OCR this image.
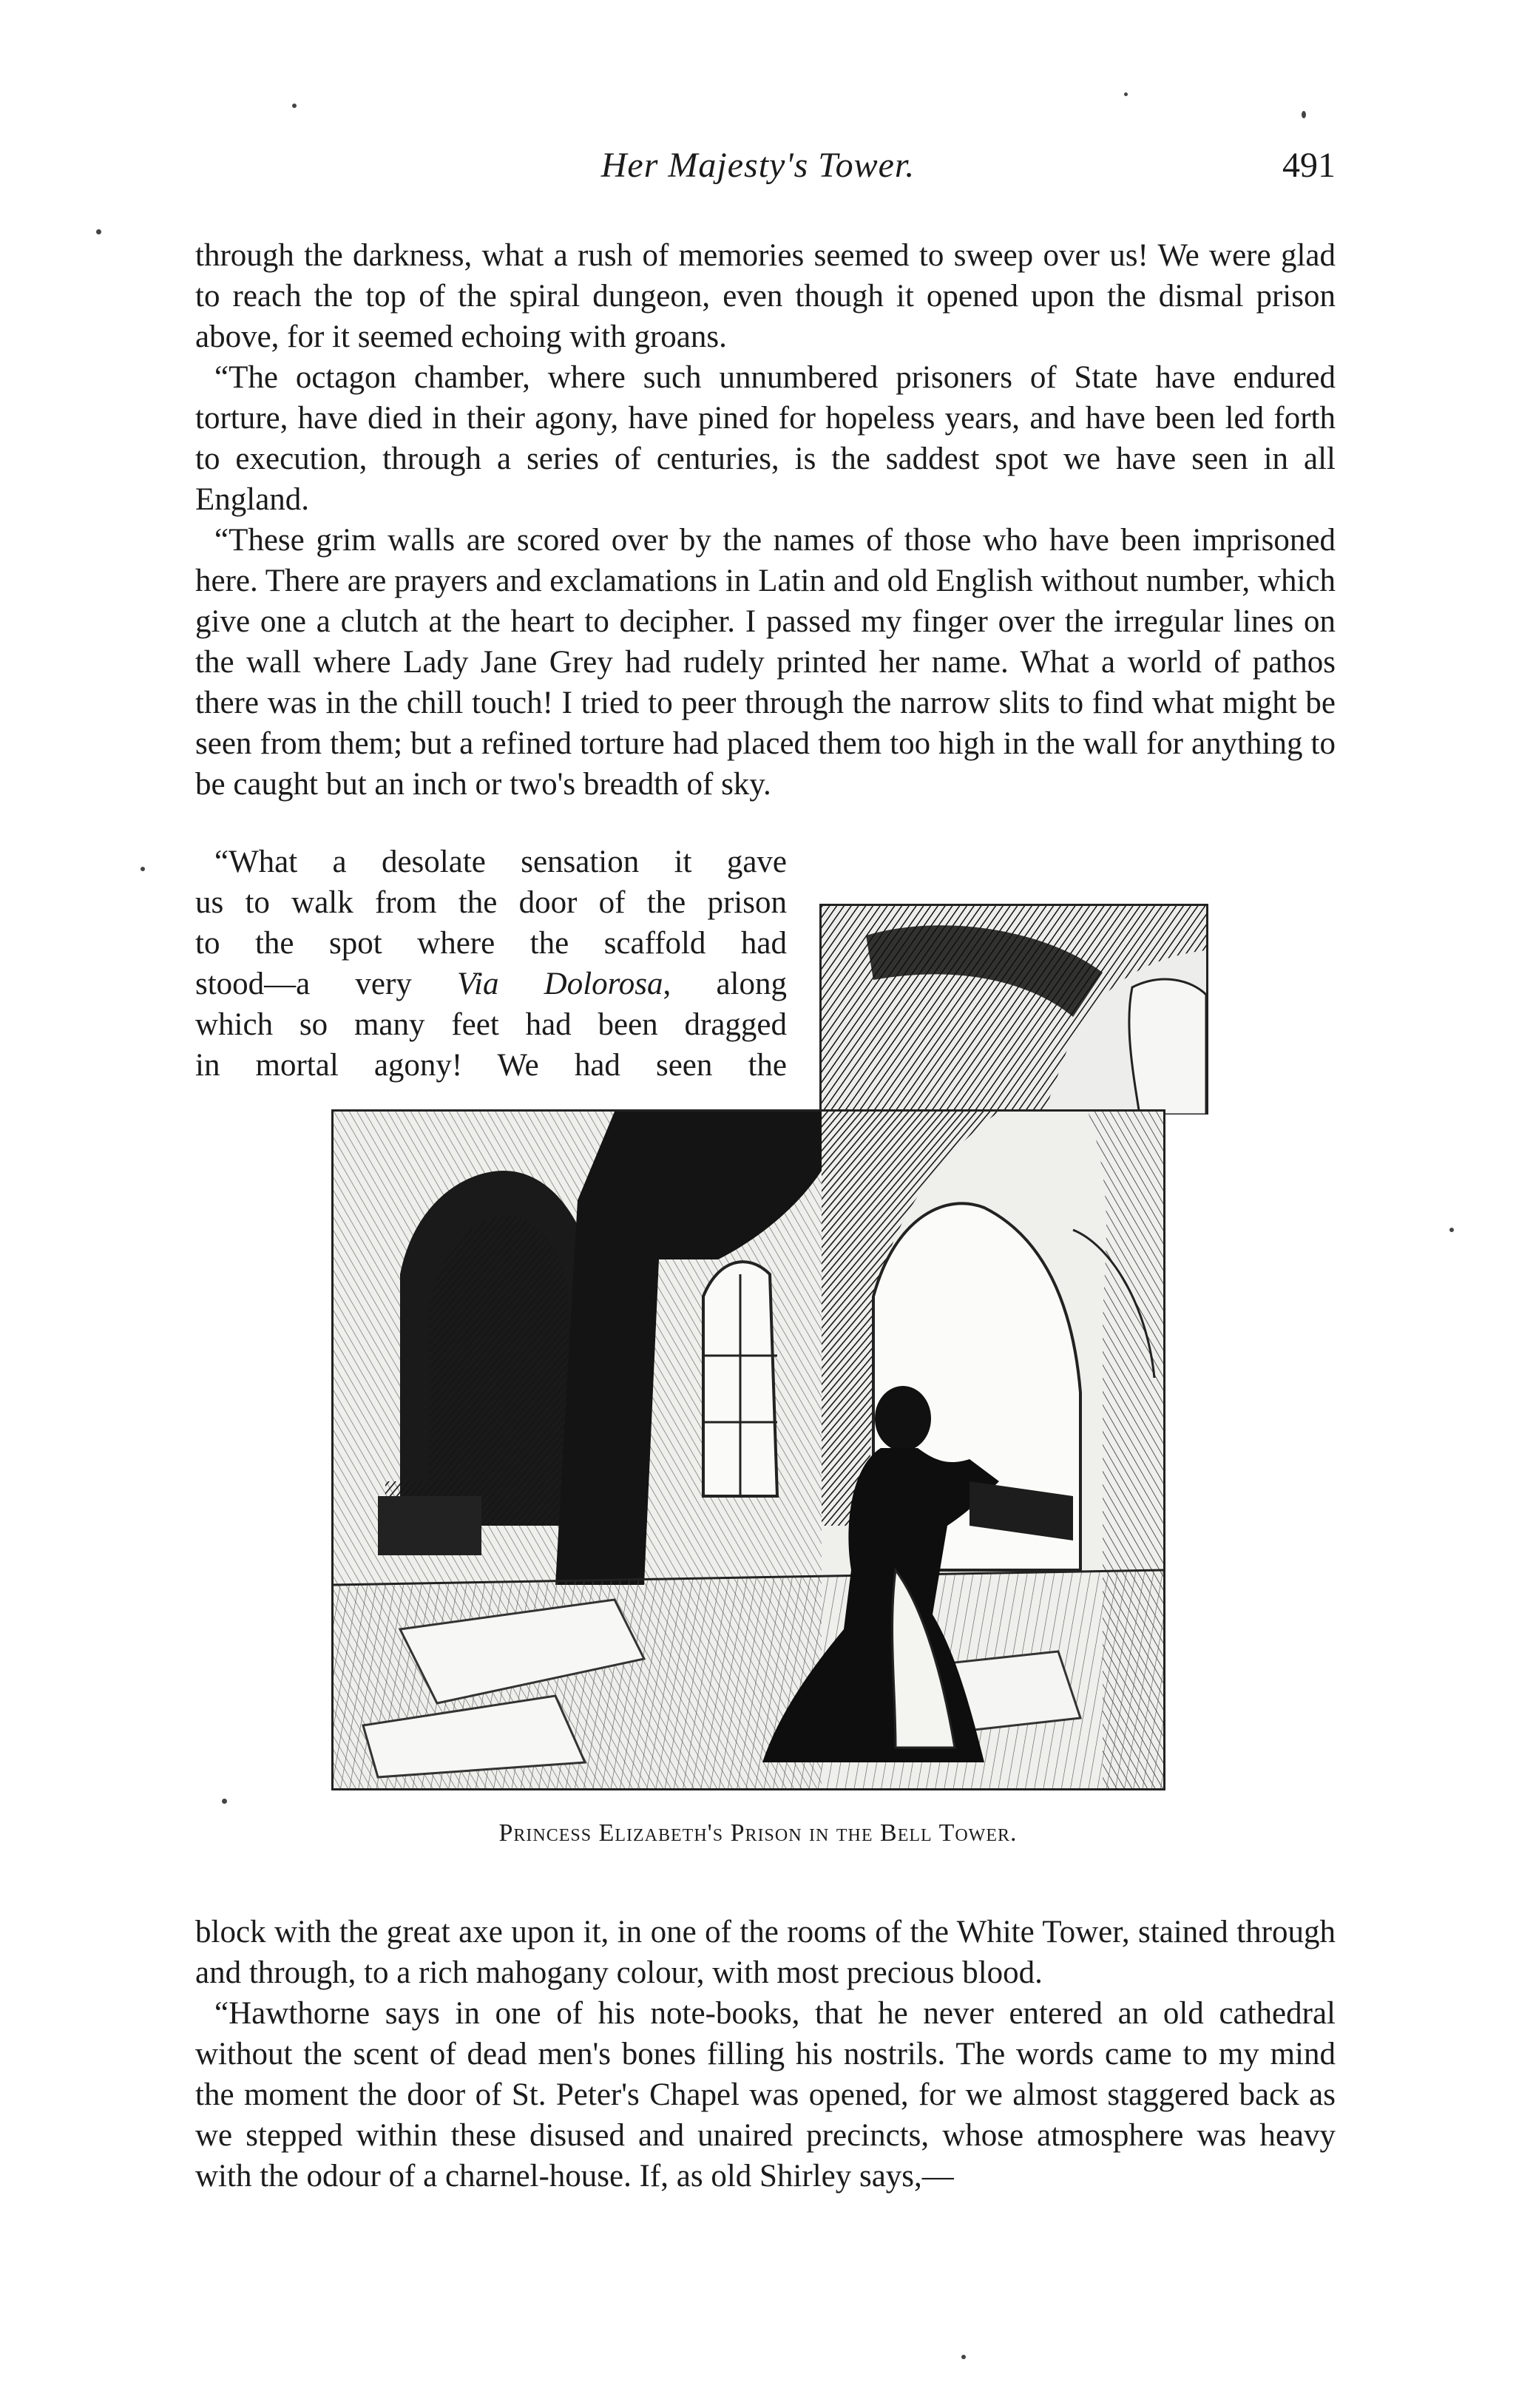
Her Majesty's Tower.	491

through the darkness, what a rush of memories seemed to sweep over us! We were glad to reach the top of the spiral dungeon, even though it opened upon the dismal prison above, for it seemed echoing with groans.

“The octagon chamber, where such unnumbered prisoners of State have endured torture, have died in their agony, have pined for hopeless years, and have been led forth to execution, through a series of centuries, is the saddest spot we have seen in all England.

“These grim walls are scored over by the names of those who have been imprisoned here. There are prayers and exclamations in Latin and old English without number, which give one a clutch at the heart to decipher. I passed my finger over the irregular lines on the wall where Lady Jane Grey had rudely printed her name. What a world of pathos there was in the chill touch! I tried to peer through the narrow slits to find what might be seen from them; but a refined torture had placed them too high in the wall for anything to be caught but an inch or two's breadth of sky.

“What a desolate sensation it gave
us to walk from the door of the prison
to the spot where the scaffold had
stood—a very Via Dolorosa, along
which so many feet had been dragged
in mortal agony! We had seen the
Princess Elizabeth's Prison in the Bell Tower.

block with the great axe upon it, in one of the rooms of the White Tower, stained through and through, to a rich mahogany colour, with most precious blood.

“Hawthorne says in one of his note-books, that he never entered an old cathedral without the scent of dead men's bones filling his nostrils. The words came to my mind the moment the door of St. Peter's Chapel was opened, for we almost staggered back as we stepped within these disused and unaired precincts, whose atmosphere was heavy with the odour of a charnel-house. If, as old Shirley says,—
